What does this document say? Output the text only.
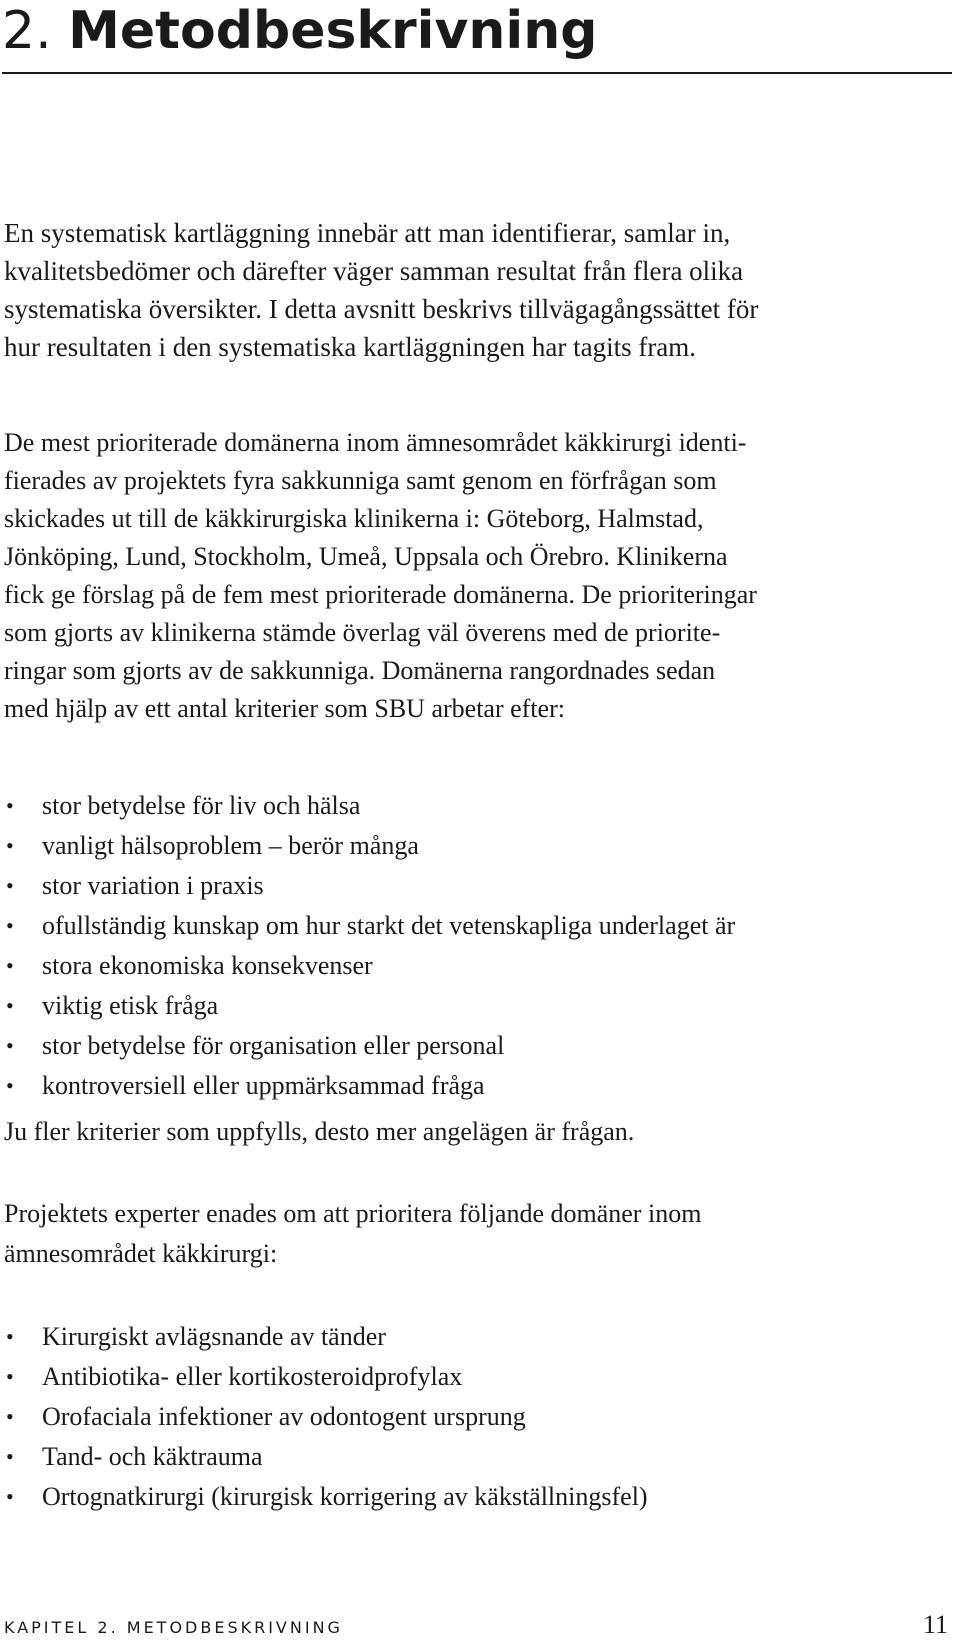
2. Metodbeskrivning

En systematisk kartläggning innebär att man identifierar, samlar in,
kvalitetsbedömer och därefter väger samman resultat från flera olika
systematiska översikter. I detta avsnitt beskrivs tillvägagångssättet för
hur resultaten i den systematiska kartläggningen har tagits fram.

De mest prioriterade domänerna inom ämnesområdet käkkirurgi identi-
fierades av projektets fyra sakkunniga samt genom en förfrågan som
skickades ut till de käkkirurgiska klinikerna i: Göteborg, Halmstad,
Jönköping, Lund, Stockholm, Umeå, Uppsala och Örebro. Klinikerna
fick ge förslag på de fem mest prioriterade domänerna. De prioriteringar
som gjorts av klinikerna stämde överlag väl överens med de priorite-
ringar som gjorts av de sakkunniga. Domänerna rangordnades sedan
med hjälp av ett antal kriterier som SBU arbetar efter:

• stor betydelse för liv och hälsa
• vanligt hälsoproblem – berör många
• stor variation i praxis
• ofullständig kunskap om hur starkt det vetenskapliga underlaget är
• stora ekonomiska konsekvenser
• viktig etisk fråga
• stor betydelse för organisation eller personal
• kontroversiell eller uppmärksammad fråga

Ju fler kriterier som uppfylls, desto mer angelägen är frågan.

Projektets experter enades om att prioritera följande domäner inom
ämnesområdet käkkirurgi:

• Kirurgiskt avlägsnande av tänder
• Antibiotika- eller kortikosteroidprofylax
• Orofaciala infektioner av odontogent ursprung
• Tand- och käktrauma
• Ortognatkirurgi (kirurgisk korrigering av käkställningsfel)
KAPITEL 2. METODBESKRIVNING	11
